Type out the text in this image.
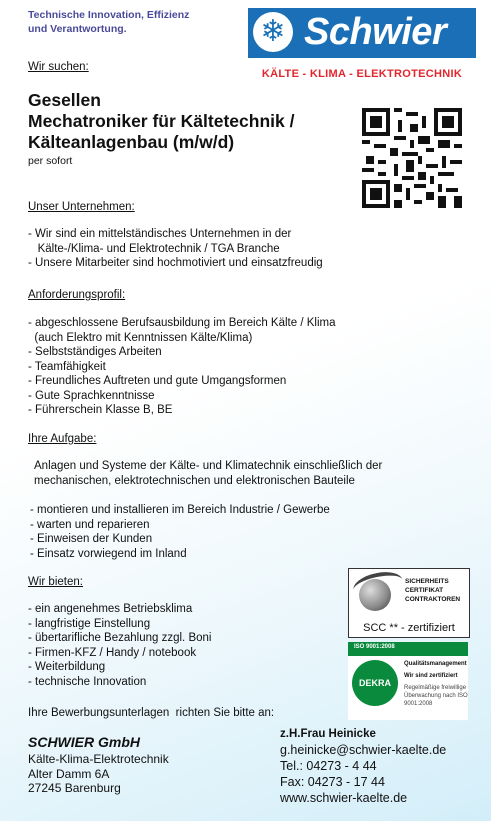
Technische Innovation, Effizienz
und Verantwortung.	❄ Schwier
KÄLTE - KLIMA - ELEKTROTECHNIK
Wir suchen:
Gesellen
Mechatroniker für Kältetechnik /
Kälteanlagenbau (m/w/d)
per sofort
Unser Unternehmen:
- Wir sind ein mittelständisches Unternehmen in der
Kälte-/Klima- und Elektrotechnik / TGA Branche
- Unsere Mitarbeiter sind hochmotiviert und einsatzfreudig
Anforderungsprofil:
- abgeschlossene Berufsausbildung im Bereich Kälte / Klima
(auch Elektro mit Kenntnissen Kälte/Klima)
- Selbstständiges Arbeiten
- Teamfähigkeit
- Freundliches Auftreten und gute Umgangsformen
- Gute Sprachkenntnisse
- Führerschein Klasse B, BE
Ihre Aufgabe:
Anlagen und Systeme der Kälte- und Klimatechnik einschließlich der
mechanischen, elektrotechnischen und elektronischen Bauteile
- montieren und installieren im Bereich Industrie / Gewerbe
- warten und reparieren
- Einweisen der Kunden
- Einsatz vorwiegend im Inland
Wir bieten:
- ein angenehmes Betriebsklima
- langfristige Einstellung
- übertarifliche Bezahlung zzgl. Boni
- Firmen-KFZ / Handy / notebook
- Weiterbildung
- technische Innovation
SICHERHEITS
CERTIFIKAT
CONTRAKTOREN
SCC ** - zertifiziert
ISO 9001:2008
DEKRA
Qualitätsmanagement
Wir sind zertifiziert
Regelmäßige freiwillige
Überwachung nach ISO 9001:2008
Ihre Bewerbungsunterlagen  richten Sie bitte an:
SCHWIER GmbH
Kälte-Klima-Elektrotechnik
Alter Damm 6A
27245 Barenburg
z.H.Frau Heinicke
g.heinicke@schwier-kaelte.de
Tel.: 04273 - 4 44
Fax: 04273 - 17 44
www.schwier-kaelte.de
